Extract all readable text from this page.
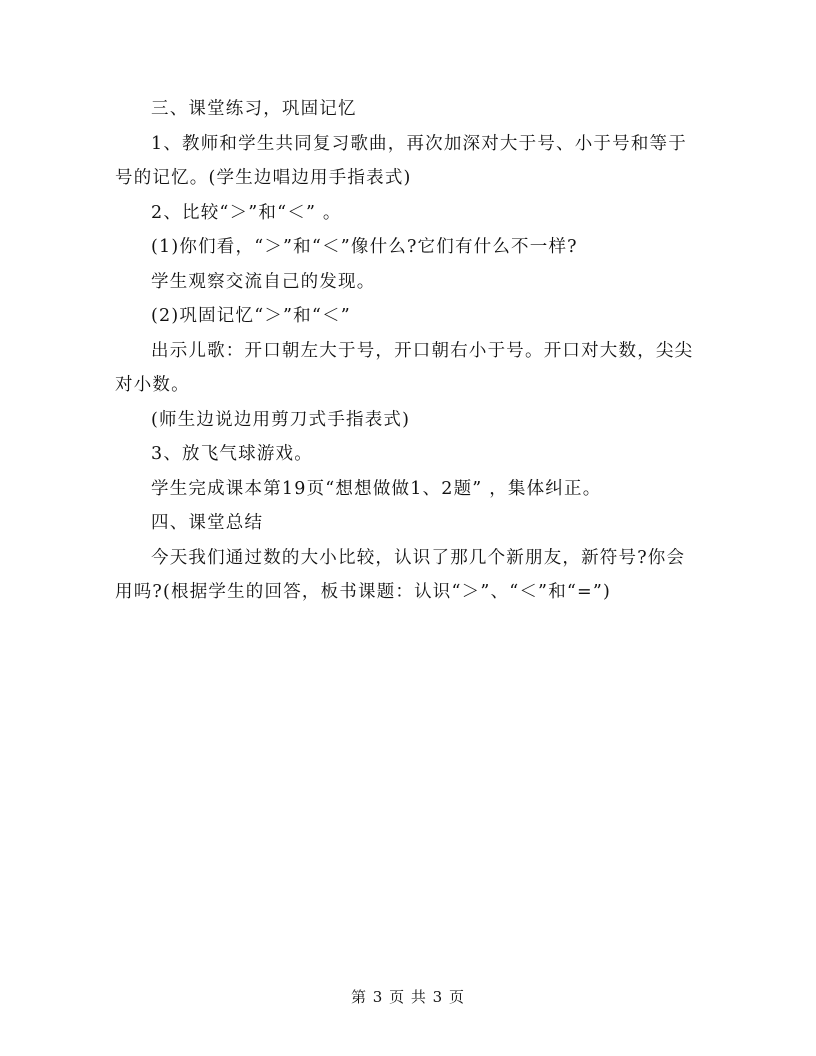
三、课堂练习，巩固记忆

1、教师和学生共同复习歌曲，再次加深对大于号、小于号和等于号的记忆。(学生边唱边用手指表式)

2、比较“＞”和“＜” 。

(1)你们看，“＞”和“＜”像什么?它们有什么不一样?

学生观察交流自己的发现。

(2)巩固记忆“＞”和“＜”

出示儿歌：开口朝左大于号，开口朝右小于号。开口对大数，尖尖对小数。

(师生边说边用剪刀式手指表式)

3、放飞气球游戏。

学生完成课本第19页“想想做做1、2题” ，集体纠正。

四、课堂总结

今天我们通过数的大小比较，认识了那几个新朋友，新符号?你会用吗?(根据学生的回答，板书课题：认识“＞”、“＜”和“=”)

第 3 页 共 3 页
